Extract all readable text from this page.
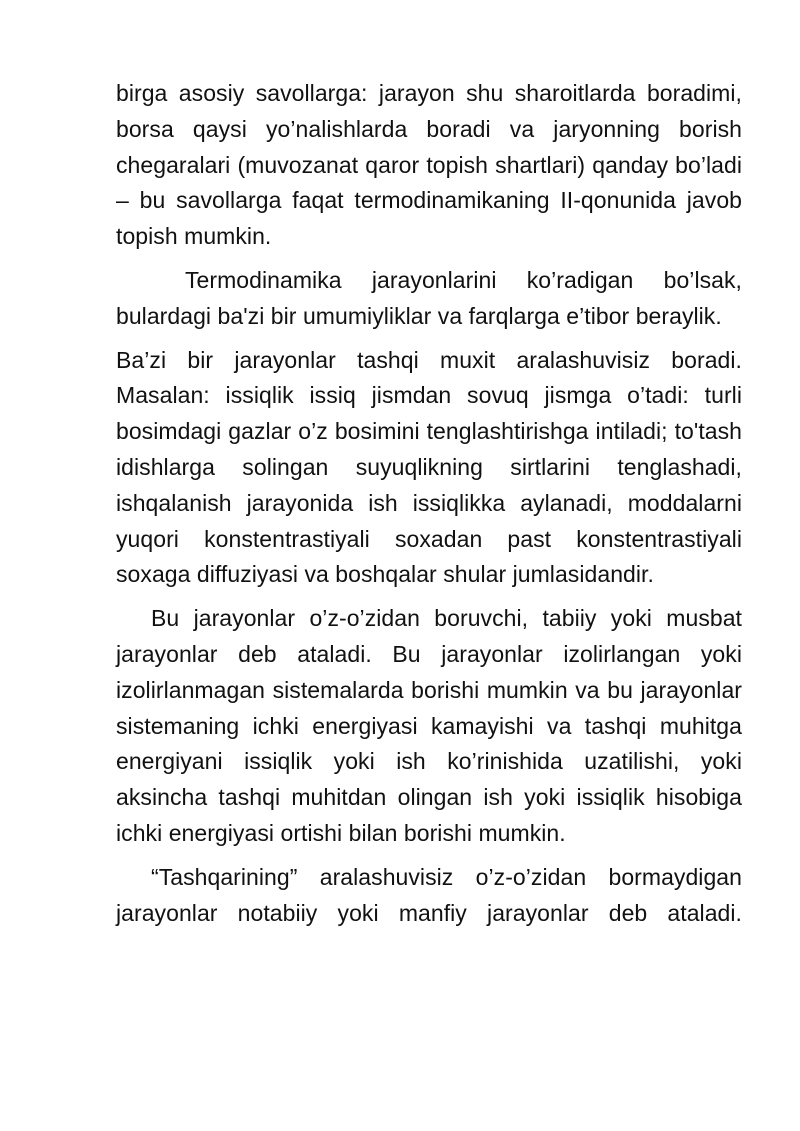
birga asosiy savollarga: jarayon shu sharoitlarda boradimi, borsa qaysi yo’nalishlarda boradi va jaryonning borish chegaralari (muvozanat qaror topish shartlari) qanday bo’ladi – bu savollarga faqat termodinamikaning II-qonunida javob topish mumkin.

Termodinamika jarayonlarini ko’radigan bo’lsak, bulardagi ba'zi bir umumiyliklar va farqlarga e’tibor beraylik.

Ba’zi bir jarayonlar tashqi muxit aralashuvisiz boradi. Masalan: issiqlik issiq jismdan sovuq jismga o’tadi: turli bosimdagi gazlar o’z bosimini tenglashtirishga intiladi; to'tash idishlarga solingan suyuqlikning sirtlarini tenglashadi, ishqalanish jarayonida ish issiqlikka aylanadi, moddalarni yuqori konstentrastiyali soxadan past konstentrastiyali soxaga diffuziyasi va boshqalar shular jumlasidandir.

Bu jarayonlar o’z-o’zidan boruvchi, tabiiy yoki musbat jarayonlar deb ataladi. Bu jarayonlar izolirlangan yoki izolirlanmagan sistemalarda borishi mumkin va bu jarayonlar sistemaning ichki energiyasi kamayishi va tashqi muhitga energiyani issiqlik yoki ish ko’rinishida uzatilishi, yoki aksincha tashqi muhitdan olingan ish yoki issiqlik hisobiga ichki energiyasi ortishi bilan borishi mumkin.

“Tashqarining” aralashuvisiz o’z-o’zidan bormaydigan jarayonlar notabiiy yoki manfiy jarayonlar deb ataladi.
